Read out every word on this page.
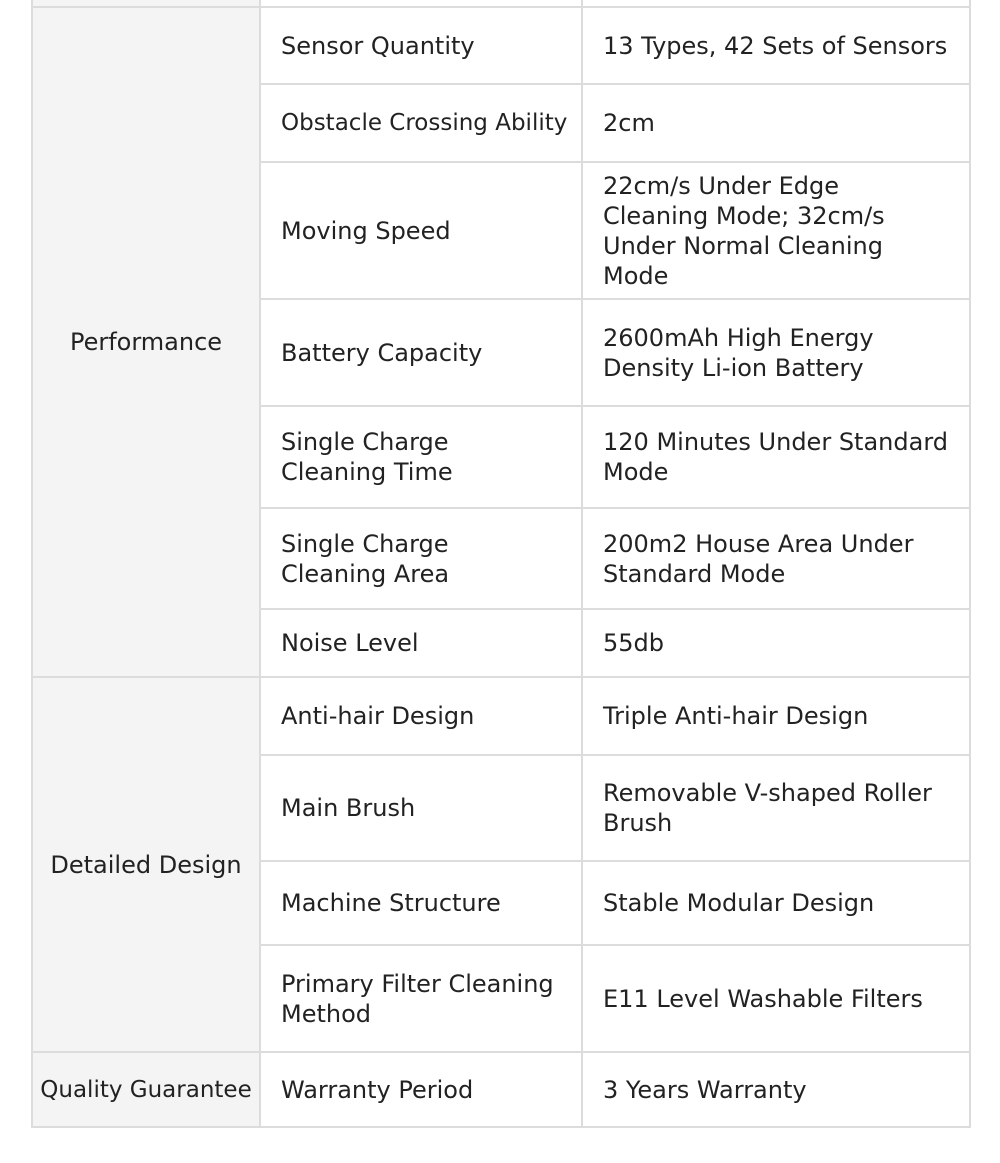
Performance	Sensor Quantity	13 Types, 42 Sets of Sensors
	Obstacle Crossing Ability	2cm
	Moving Speed	22cm/s Under Edge Cleaning Mode; 32cm/s Under Normal Cleaning Mode
	Battery Capacity	2600mAh High Energy Density Li-ion Battery
	Single Charge Cleaning Time	120 Minutes Under Standard Mode
	Single Charge Cleaning Area	200m2 House Area Under Standard Mode
	Noise Level	55db
Detailed Design	Anti-hair Design	Triple Anti-hair Design
	Main Brush	Removable V-shaped Roller Brush
	Machine Structure	Stable Modular Design
	Primary Filter Cleaning Method	E11 Level Washable Filters
Quality Guarantee	Warranty Period	3 Years Warranty
